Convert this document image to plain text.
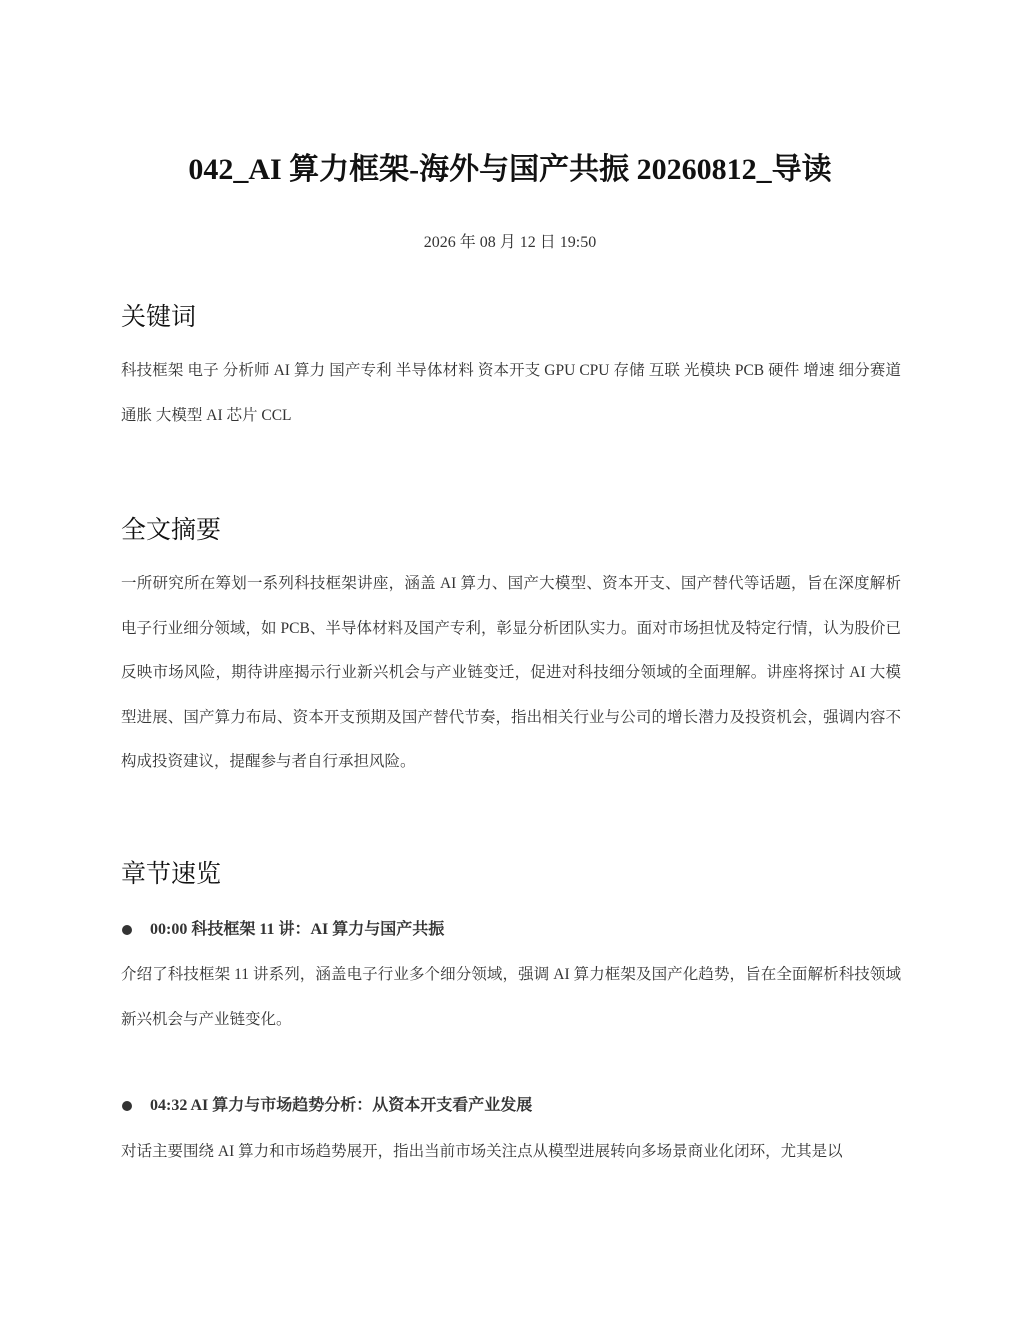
042_AI 算力框架-海外与国产共振 20260812_导读
2026 年 08 月 12 日 19:50
关键词
科技框架 电子 分析师 AI 算力 国产专利 半导体材料 资本开支 GPU CPU 存储 互联 光模块 PCB 硬件 增速 细分赛道 通胀 大模型 AI 芯片 CCL
全文摘要
一所研究所在筹划一系列科技框架讲座，涵盖 AI 算力、国产大模型、资本开支、国产替代等话题，旨在深度解析电子行业细分领域，如 PCB、半导体材料及国产专利，彰显分析团队实力。面对市场担忧及特定行情，认为股价已反映市场风险，期待讲座揭示行业新兴机会与产业链变迁，促进对科技细分领域的全面理解。讲座将探讨 AI 大模型进展、国产算力布局、资本开支预期及国产替代节奏，指出相关行业与公司的增长潜力及投资机会，强调内容不构成投资建议，提醒参与者自行承担风险。
章节速览
00:00 科技框架 11 讲：AI 算力与国产共振
介绍了科技框架 11 讲系列，涵盖电子行业多个细分领域，强调 AI 算力框架及国产化趋势，旨在全面解析科技领域新兴机会与产业链变化。
04:32 AI 算力与市场趋势分析：从资本开支看产业发展
对话主要围绕 AI 算力和市场趋势展开，指出当前市场关注点从模型进展转向多场景商业化闭环，尤其是以
